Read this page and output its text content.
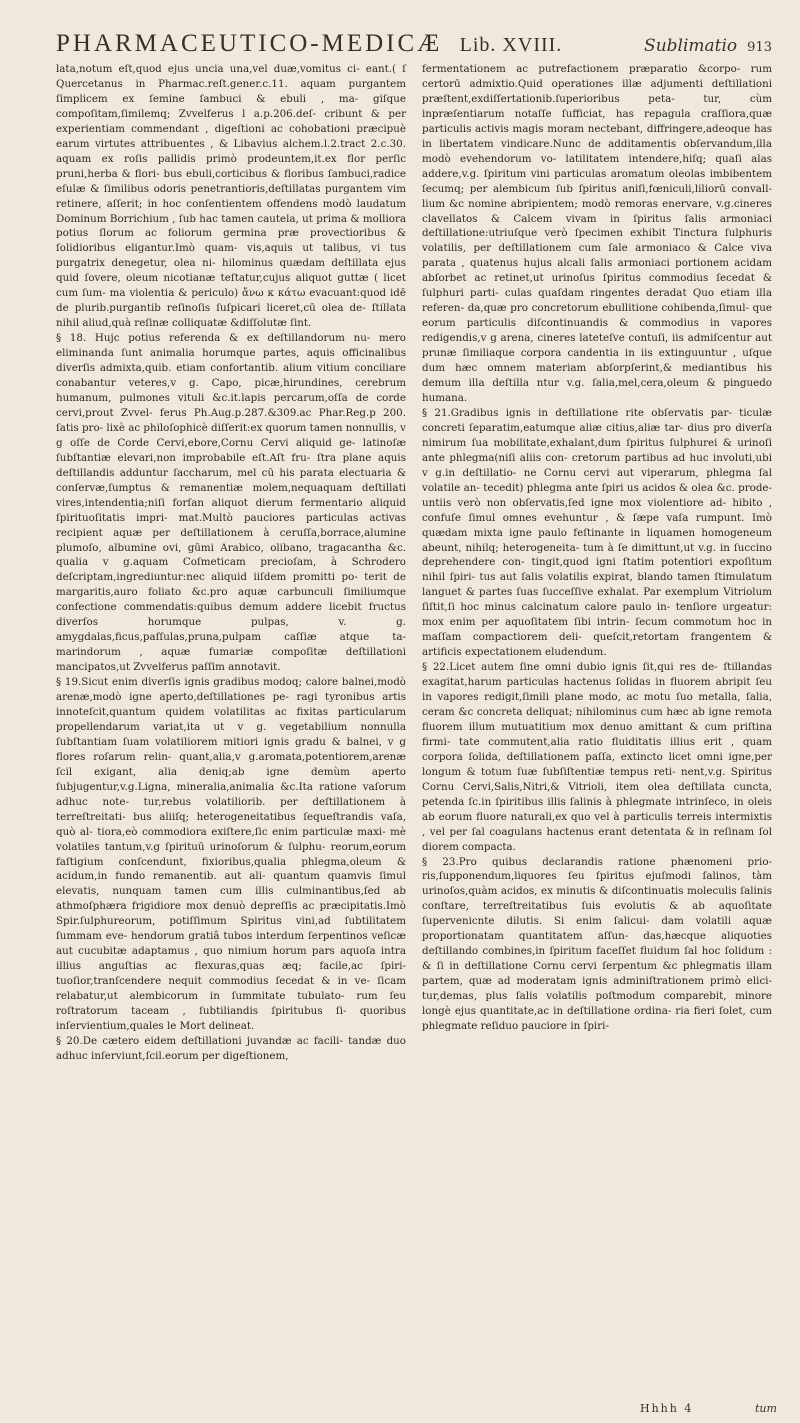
PHARMACEUTICO-MEDICÆ Lib. XVIII.	Sublimatio 913

lata,notum eſt,quod ejus uncia una,vel duæ,vomitus ci- eant.( ſ Quercetanus in Pharmac.reſt.gener.c.11. aquam purgantem ſimplicem ex ſemine ſambuci & ebuli , ma- giſque compoſitam,ſimilemq; Zvvelferus l a.p.206.deſ- cribunt & per experientiam commendant , digeſtioni ac cohobationi præcipuè earum virtutes attribuentes , & Libavius alchem.l.2.tract 2.c.30. aquam ex roſis pallidis primò prodeuntem,it.ex flor perſic pruni,herba & flori- bus ebuli,corticibus & floribus ſambuci,radice eſulæ & ſimilibus odoris penetrantioris,deſtillatas purgantem vim retinere, aſſerit; in hoc conſentientem offendens modò laudatum Dominum Borrichium , ſub hac tamen cautela, ut prima & molliora potius ſlorum ac foliorum germina præ provectioribus & ſolidioribus eligantur.Imò quam- vis,aquis ut talibus, vi tus purgatrix denegetur, olea ni- hilominus quædam deſtillata ejus quid ſovere, oleum nicotianæ teſtatur,cujus aliquot guttæ ( licet cum ſum- ma violentia & periculo) ἄνω κ κάτω evacuant:quod idē de plurib.purgantib reſinoſis ſuſpicari liceret,cū olea de- ſtillata nihil aliud,quà reſinæ colliquatæ &diſſolutæ ſint.

§ 18. Hujc potius referenda & ex deſtillandorum nu- mero eliminanda ſunt animalia horumque partes, aquis officinalibus diverſis admixta,quib. etiam confortantib. alium vitium conciliare conabantur veteres,v g. Capo, picæ,hirundines, cerebrum humanum, pulmones vituli &c.it.lapis percarum,oſſa de corde cervi,prout Zvvel- ferus Ph.Aug.p.287.&309.ac Phar.Reg.p 200. ſatis pro- lixè ac philoſophicè diſſerit:ex quorum tamen nonnullis, v g oſſe de Corde Cervi,ebore,Cornu Cervi aliquid ge- latinoſæ ſubſtantiæ elevari,non improbabile eſt.Aſt fru- ſtra plane aquis deſtillandis adduntur ſaccharum, mel cū his parata electuaria & conſervæ,ſumptus & remanentiæ molem,nequaquam deſtillati vires,intendentia;niſi forſan aliquot dierum fermentario aliquid ſpirituoſitatis impri- mat.Multò pauciores particulas activas recipient aquæ per deſtillationem à ceruſſa,borrace,alumine plumoſo, albumine ovi, gūmi Arabico, olibano, tragacantha &c. qualia v g.aquam Coſmeticam precioſam, à Schrodero deſcriptam,ingrediuntur:nec aliquid iiſdem promitti po- terit de margaritis,auro foliato &c.pro aquæ carbunculi ſimiliumque confectione commendatis:quibus demum addere licebit fructus diverſos horumque pulpas, v. g. amygdalas,ficus,paſſulas,pruna,pulpam caſſiæ atque ta- marindorum , aquæ fumariæ compoſitæ deſtillationi mancipatos,ut Zvvelferus paſſim annotavit.

§ 19.Sicut enim diverſis ignis gradibus modoq; calore balnei,modò arenæ,modò igne aperto,deſtillationes pe- ragi tyronibus artis innoteſcit,quantum quidem volatilitas ac fixitas particularum propellendarum variat,ita ut v g. vegetabilium nonnulla ſubſtantiam ſuam volatiliorem mitiori ignis gradu & balnei, v g flores roſarum relin- quant,alia,v g.aromata,potentiorem,arenæ ſcil exigant, alia deniq;ab igne demùm aperto ſubjugentur,v.g.Ligna, mineralia,animalia &c.Ita ratione vaſorum adhuc note- tur,rebus volatiliorib. per deſtillationem à terreſtreitati- bus aliiſq; heterogeneitatibus ſequeſtrandis vaſa, quò al- tiora,eò commodiora exiſtere,ſic enim particulæ maxi- mè volatiles tantum,v.g ſpirituū urinoſorum & ſulphu- reorum,eorum faſtigium conſcendunt, fixioribus,qualia phlegma,oleum & acidum,in fundo remanentib. aut ali- quantum quamvis ſimul elevatis, nunquam tamen cum illis culminantibus,ſed ab athmoſphæra frigidiore mox denuò depreſſis ac præcipitatis.Imò Spir.ſulphureorum, potiſſimum Spiritus vini,ad ſubtilitatem ſummam eve- hendorum gratiâ tubos interdum ſerpentinos veſicæ aut cucubitæ adaptamus , quo nimium horum pars aquoſa intra illius anguſtias ac flexuras,quas æq; facile,ac ſpiri- tuoſior,tranſcendere nequit commodius ſecedat & in ve- ſicam relabatur,ut alembicorum in ſummitate tubulato- rum ſeu roſtratorum taceam , ſubtiliandis ſpiritubus ſi- quoribus inſervientium,quales le Mort delineat.

§ 20.De cætero eidem deſtillationi juvandæ ac facili- tandæ duo adhuc inſerviunt,ſcil.eorum per digeſtionem,

fermentationem ac putrefactionem præparatio &corpo- rum certorū admixtio.Quid operationes illæ adjumenti deſtillationi præſtent,exdiſſertationib.ſuperioribus peta- tur, cùm inpræſentiarum notaſſe ſufficiat, has repagula craſſiora,quæ particulis activis magis moram nectebant, diffringere,adeoque has in libertatem vindicare.Nunc de additamentis obſervandum,illa modò evehendorum vo- latilitatem intendere,hiſq; quaſi alas addere,v.g. ſpiritum vini particulas aromatum oleolas imbibentem ſecumq; per alembicum ſub ſpiritus aniſi,fœniculi,liliorū convall- lium &c nomine abripientem; modò remoras enervare, v.g.cineres clavellatos & Calcem vivam in ſpiritus ſalis armoniaci deſtillatione:utriuſque verò ſpecimen exhibit Tinctura ſulphuris volatilis, per deſtillationem cum ſale armoniaco & Calce viva parata , quatenus hujus alcali ſalis armoniaci portionem acidam abſorbet ac retinet,ut urinoſus ſpiritus commodius ſecedat & ſulphuri parti- culas quaſdam ringentes deradat Quo etiam illa referen- da,quæ pro concretorum ebullitione cohibenda,ſimul- que eorum particulis diſcontinuandis & commodius in vapores redigendis,v g arena, cineres lateteſve contuſi, iis admiſcentur aut prunæ ſimiliaque corpora candentia in iis extinguuntur , uſque dum hæc omnem materiam abſorpſerint,& mediantibus his demum illa deſtilla ntur v.g. ſalia,mel,cera,oleum & pinguedo humana.

§ 21.Gradibus ignis in deſtillatione rite obſervatis par- ticulæ concreti ſeparatim,eatumque aliæ citius,aliæ tar- dius pro diverſa nimirum ſua mobilitate,exhalant,dum ſpiritus ſulphurei & urinoſi ante phlegma(niſi aliis con- cretorum partibus ad huc involuti,ubi v g.in deſtillatio- ne Cornu cervi aut viperarum, phlegma ſal volatile an- tecedit) phlegma ante ſpiri us acidos & olea &c. prode- untiis verò non obſervatis,ſed igne mox violentiore ad- hibito , confuſe ſimul omnes evehuntur , & ſæpe vaſa rumpunt. Imò quædam mixta igne paulo feſtinante in liquamen homogeneum abeunt, nihilq; heterogeneita- tum à ſe dimittunt,ut v.g. in ſuccino deprehendere con- tingit,quod igni ſtatim potentiori expoſitum nihil ſpiri- tus aut ſalis volatilis expirat, blando tamen ſtimulatum languet & partes ſuas ſucceſſive exhalat. Par exemplum Vitriolum ſiſtit,ſi hoc minus calcinatum calore paulo in- tenſiore urgeatur: mox enim per aquoſitatem ſibi intrin- ſecum commotum hoc in maſſam compactiorem deli- queſcit,retortam frangentem & artificis expectationem eludendum.

§ 22.Licet autem ſine omni dubio ignis ſit,qui res de- ſtillandas exagitat,harum particulas hactenus ſolidas in fluorem abripit ſeu in vapores redigit,ſimili plane modo, ac motu ſuo metalla, ſalia, ceram &c concreta deliquat; nihilominus cum hæc ab igne remota fluorem illum mutuatitium mox denuo amittant & cum priſtina firmi- tate commutent,alia ratio fluiditatis illius erit , quam corpora ſolida, deſtillationem paſſa, extincto licet omni igne,per longum & totum ſuæ ſubſiſtentiæ tempus reti- nent,v.g. Spiritus Cornu Cervi,Salis,Nitri,& Vitrioli, item olea deſtillata cuncta, petenda ſc.in ſpiritibus illis ſalinis à phlegmate intrinſeco, in oleis ab eorum fluore naturali,ex quo vel à particulis terreis intermixtis , vel per ſal coagulans hactenus erant detentata & in reſinam ſol diorem compacta.

§ 23.Pro quibus declarandis ratione phænomeni prio- ris,ſupponendum,liquores ſeu ſpiritus ejuſmodi ſalinos, tàm urinoſos,quàm acidos, ex minutis & diſcontinuatis moleculis ſalinis conſtare, terreſtreitatibus ſuis evolutis & ab aquoſitate ſupervenicnte dilutis. Si enim ſalicui- dam volatili aquæ proportionatam quantitatem aſſun- das,hæcque aliquoties deſtillando combines,in ſpiritum faceſſet fluidum ſal hoc ſolidum : & ſi in deſtillatione Cornu cervi ſerpentum &c phlegmatis illam partem, quæ ad moderatam ignis adminiſtrationem primò elici- tur,demas, plus ſalis volatilis poſtmodum comparebit, minore longè ejus quantitate,ac in deſtillatione ordina- ria fieri ſolet, cum phlegmate reſiduo pauciore in ſpiri-

Hhhh 4	tum
